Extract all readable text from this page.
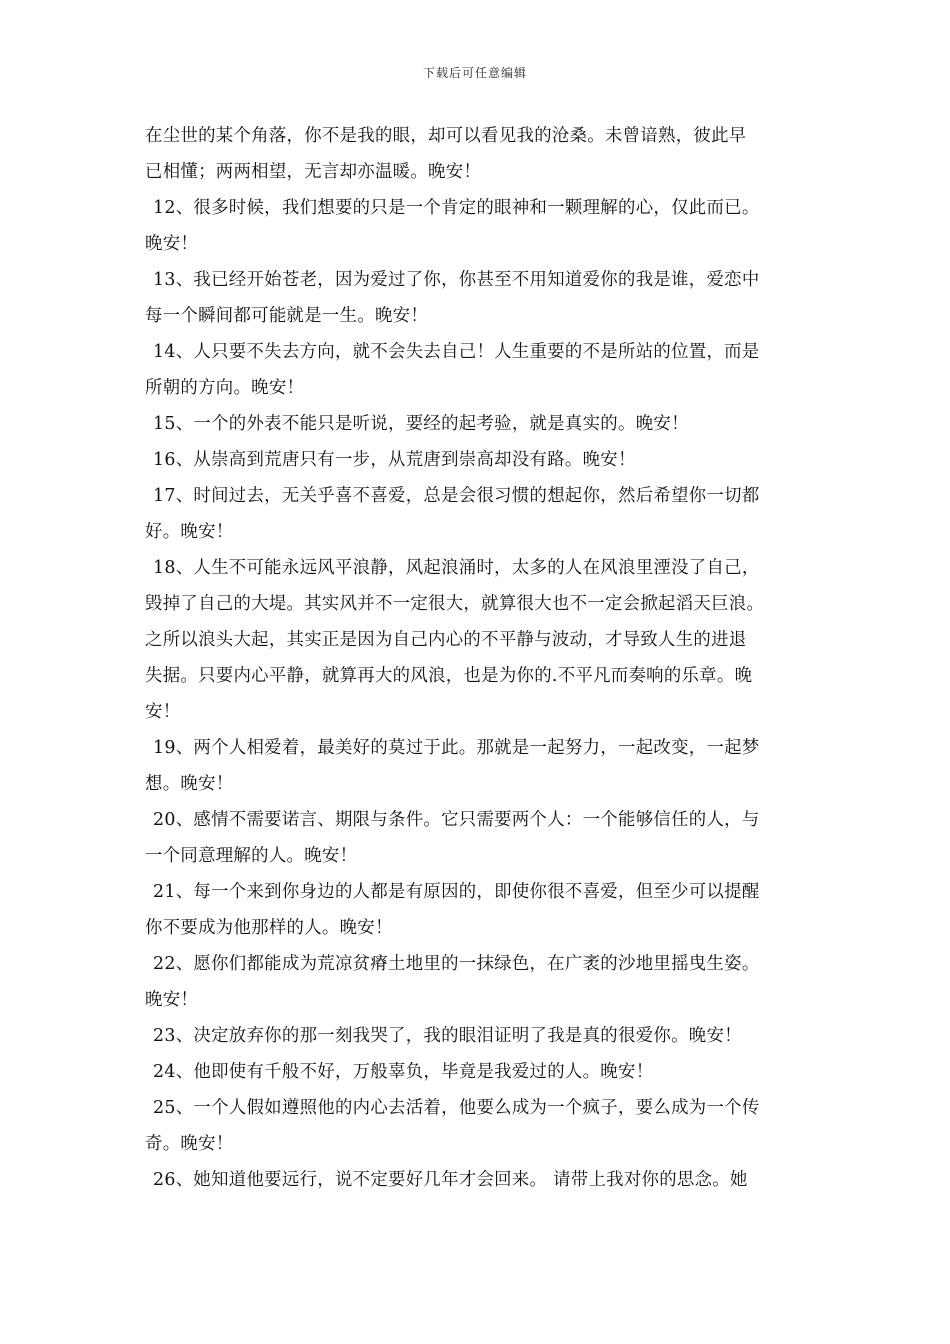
下载后可任意编辑
在尘世的某个角落，你不是我的眼，却可以看见我的沧桑。未曾谙熟，彼此早
已相懂；两两相望，无言却亦温暖。晚安！
12、很多时候，我们想要的只是一个肯定的眼神和一颗理解的心，仅此而已。
晚安！
13、我已经开始苍老，因为爱过了你，你甚至不用知道爱你的我是谁，爱恋中
每一个瞬间都可能就是一生。晚安！
14、人只要不失去方向，就不会失去自己！人生重要的不是所站的位置，而是
所朝的方向。晚安！
15、一个的外表不能只是听说，要经的起考验，就是真实的。晚安！
16、从崇高到荒唐只有一步，从荒唐到崇高却没有路。晚安！
17、时间过去，无关乎喜不喜爱，总是会很习惯的想起你，然后希望你一切都
好。晚安！
18、人生不可能永远风平浪静，风起浪涌时，太多的人在风浪里湮没了自己，
毁掉了自己的大堤。其实风并不一定很大，就算很大也不一定会掀起滔天巨浪。
之所以浪头大起，其实正是因为自己内心的不平静与波动，才导致人生的进退
失据。只要内心平静，就算再大的风浪，也是为你的.不平凡而奏响的乐章。晚
安！
19、两个人相爱着，最美好的莫过于此。那就是一起努力，一起改变，一起梦
想。晚安！
20、感情不需要诺言、期限与条件。它只需要两个人：一个能够信任的人，与
一个同意理解的人。晚安！
21、每一个来到你身边的人都是有原因的，即使你很不喜爱，但至少可以提醒
你不要成为他那样的人。晚安！
22、愿你们都能成为荒凉贫瘠土地里的一抹绿色，在广袤的沙地里摇曳生姿。
晚安！
23、决定放弃你的那一刻我哭了，我的眼泪证明了我是真的很爱你。晚安！
24、他即使有千般不好，万般辜负，毕竟是我爱过的人。晚安！
25、一个人假如遵照他的内心去活着，他要么成为一个疯子，要么成为一个传
奇。晚安！
26、她知道他要远行，说不定要好几年才会回来。 请带上我对你的思念。她
